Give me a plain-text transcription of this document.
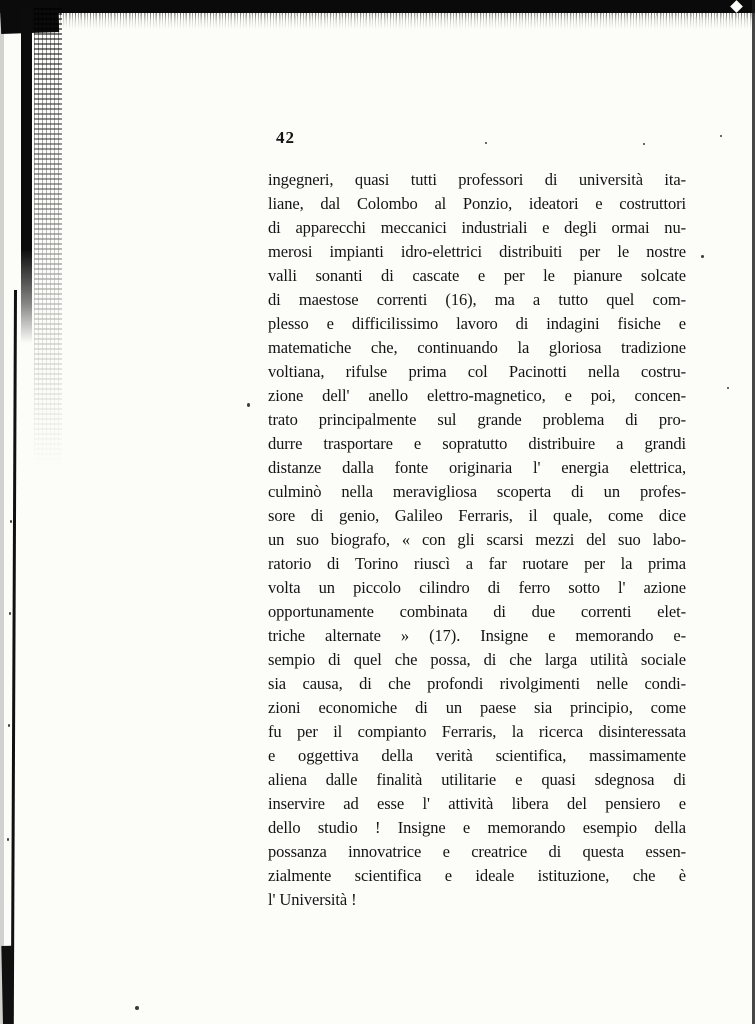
42
ingegneri, quasi tutti professori di università ita-
liane, dal Colombo al Ponzio, ideatori e costruttori
di apparecchi meccanici industriali e degli ormai nu-
merosi impianti idro-elettrici distribuiti per le nostre
valli sonanti di cascate e per le pianure solcate
di maestose correnti (16), ma a tutto quel com-
plesso e difficilissimo lavoro di indagini fisiche e
matematiche che, continuando la gloriosa tradizione
voltiana, rifulse prima col Pacinotti nella costru-
zione dell' anello elettro-magnetico, e poi, concen-
trato principalmente sul grande problema di pro-
durre trasportare e sopratutto distribuire a grandi
distanze dalla fonte originaria l' energia elettrica,
culminò nella meravigliosa scoperta di un profes-
sore di genio, Galileo Ferraris, il quale, come dice
un suo biografo, « con gli scarsi mezzi del suo labo-
ratorio di Torino riuscì a far ruotare per la prima
volta un piccolo cilindro di ferro sotto l' azione
opportunamente combinata di due correnti elet-
triche alternate » (17). Insigne e memorando e-
sempio di quel che possa, di che larga utilità sociale
sia causa, di che profondi rivolgimenti nelle condi-
zioni economiche di un paese sia principio, come
fu per il compianto Ferraris, la ricerca disinteressata
e oggettiva della verità scientifica, massimamente
aliena dalle finalità utilitarie e quasi sdegnosa di
inservire ad esse l' attività libera del pensiero e
dello studio ! Insigne e memorando esempio della
possanza innovatrice e creatrice di questa essen-
zialmente scientifica e ideale istituzione, che è
l' Università !
